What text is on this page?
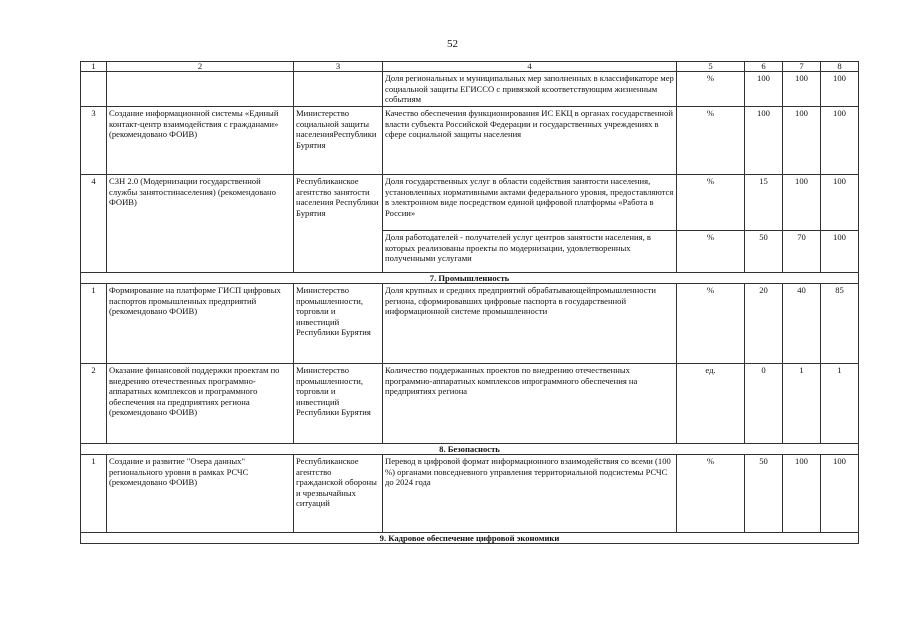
52
1	2	3	4	5	6	7	8
			Доля региональных и муниципальных мер заполненных в классификаторе мер социальной защиты ЕГИССО с привязкой ксоответствующим жизненным событиям	%	100	100	100
3	Создание информационной системы «Единый контакт-центр взаимодействия с гражданами» (рекомендовано ФОИВ)	Министерство социальной защиты населенияРеспублики Бурятия	Качество обеспечения функционирования ИС ЕКЦ в органах государственной власти субъекта Российской Федерации и государственных учреждениях в сфере социальной защиты населения	%	100	100	100
4	СЗН 2.0 (Модернизации государственной службы занятостинаселения) (рекомендовано ФОИВ)	Республиканское агентство занятости населения Республики Бурятия	Доля государственных услуг в области содействия занятости населения, установленных нормативными актами федерального уровня, предоставляются в электронном виде посредством единой цифровой платформы «Работа в России»	%	15	100	100
			Доля работодателей - получателей услуг центров занятости населения, в которых реализованы проекты по модернизации, удовлетворенных полученными услугами	%	50	70	100
7. Промышленность							
1	Формирование на платформе ГИСП цифровых паспортов промышленных предприятий (рекомендовано ФОИВ)	Министерство промышленности, торговли и инвестиций Республики Бурятия	Доля крупных и средних предприятий обрабатывающейпромышленности региона, сформировавших цифровые паспорта в государственной информационной системе промышленности	%	20	40	85
2	Оказание финансовой поддержки проектам по внедрению отечественных программно-аппаратных комплексов и программного обеспечения на предприятиях региона (рекомендовано ФОИВ)	Министерство промышленности, торговли и инвестиций Республики Бурятия	Количество поддержанных проектов по внедрению отечественных программно-аппаратных комплексов ипрограммного обеспечения на предприятиях региона	ед.	0	1	1
8. Безопасность							
1	Создание и развитие "Озера данных" регионального уровня в рамках РСЧС (рекомендовано ФОИВ)	Республиканское агентство гражданской обороны и чрезвычайных ситуаций	Перевод в цифровой формат информационного взаимодействия со всеми (100 %) органами повседневного управления территориальной подсистемы РСЧС до 2024 года	%	50	100	100
9. Кадровое обеспечение цифровой экономики							
